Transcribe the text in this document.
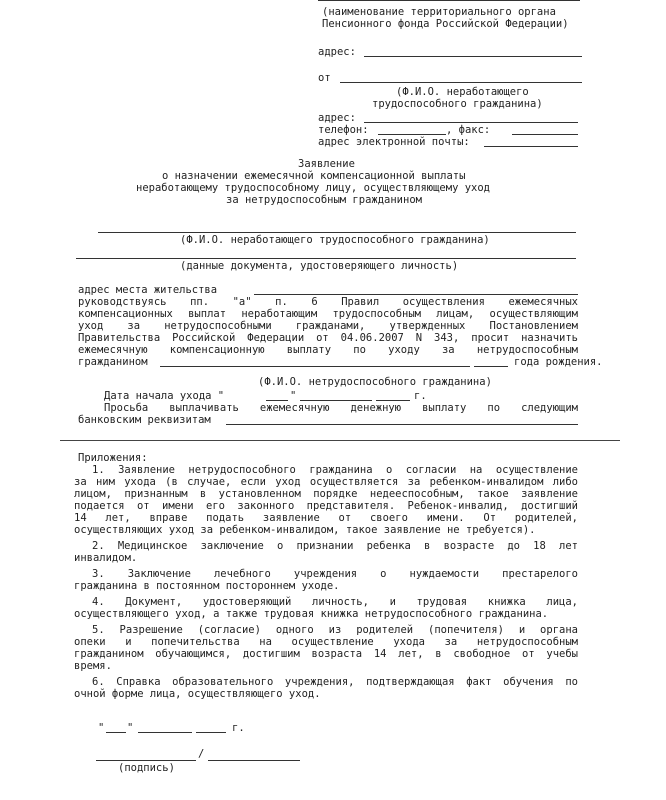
(наименование территориального органа
Пенсионного фонда Российской Федерации)
адрес:
от
(Ф.И.О. неработающего
трудоспособного гражданина)
адрес:
телефон:	, факс:
адрес электронной почты:
Заявление
о назначении ежемесячной компенсационной выплаты
неработающему трудоспособному лицу, осуществляющему уход
за нетрудоспособным гражданином
(Ф.И.О. неработающего трудоспособного гражданина)
(данные документа, удостоверяющего личность)
адрес места жительства
руководствуясь пп. "а" п. 6 Правил осуществления ежемесячных
компенсационных выплат неработающим трудоспособным лицам, осуществляющим
уход за нетрудоспособными гражданами, утвержденных Постановлением
Правительства Российской Федерации от 04.06.2007 N 343, просит назначить
ежемесячную компенсационную выплату по уходу за нетрудоспособным
гражданином	года рождения.
(Ф.И.О. нетрудоспособного гражданина)
Дата начала ухода "	"	г.
Просьба выплачивать ежемесячную денежную выплату по следующим
банковским реквизитам
Приложения:
1. Заявление нетрудоспособного гражданина о согласии на осуществление
за ним ухода (в случае, если уход осуществляется за ребенком-инвалидом либо
лицом, признанным в установленном порядке недееспособным, такое заявление
подается от имени его законного представителя. Ребенок-инвалид, достигший
14 лет, вправе подать заявление от своего имени. От родителей,
осуществляющих уход за ребенком-инвалидом, такое заявление не требуется).
2. Медицинское заключение о признании ребенка в возрасте до 18 лет
инвалидом.
3. Заключение лечебного учреждения о нуждаемости престарелого
гражданина в постоянном постороннем уходе.
4. Документ, удостоверяющий личность, и трудовая книжка лица,
осуществляющего уход, а также трудовая книжка нетрудоспособного гражданина.
5. Разрешение (согласие) одного из родителей (попечителя) и органа
опеки и попечительства на осуществление ухода за нетрудоспособным
гражданином обучающимся, достигшим возраста 14 лет, в свободное от учебы
время.
6. Справка образовательного учреждения, подтверждающая факт обучения по
очной форме лица, осуществляющего уход.
" "	г.
/
(подпись)
